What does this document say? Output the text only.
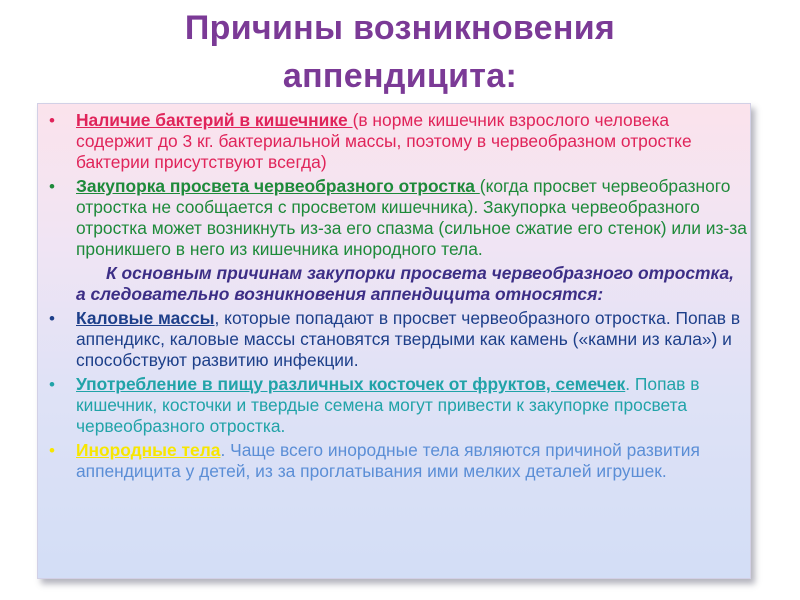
Причины возникновения
аппендицита:
• Наличие бактерий в кишечнике (в норме кишечник взрослого человека содержит до 3 кг. бактериальной массы, поэтому в червеобразном отростке бактерии присутствуют всегда)
• Закупорка просвета червеобразного отростка (когда просвет червеобразного отростка не сообщается с просветом кишечника). Закупорка червеобразного отростка может возникнуть из-за его спазма (сильное сжатие его стенок) или из-за проникшего в него из кишечника инородного тела.
К основным причинам закупорки просвета червеобразного отростка, а следовательно возникновения аппендицита относятся:
• Каловые массы, которые попадают в просвет червеобразного отростка. Попав в аппендикс, каловые массы становятся твердыми как камень («камни из кала») и способствуют развитию инфекции.
• Употребление в пищу различных косточек от фруктов, семечек. Попав в кишечник, косточки и твердые семена могут привести к закупорке просвета червеобразного отростка.
• Инородные тела. Чаще всего инородные тела являются причиной развития аппендицита у детей, из за проглатывания ими мелких деталей игрушек.
